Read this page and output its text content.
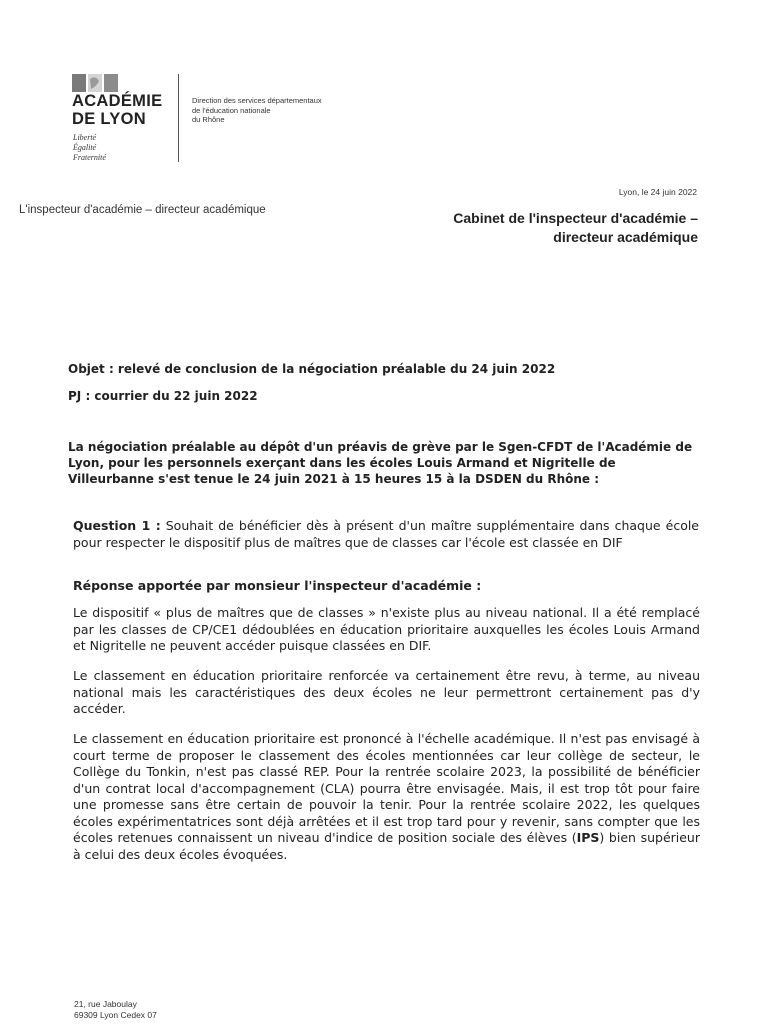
ACADÉMIE
DE LYON

Liberté
Égalité
Fraternité

Direction des services départementaux
de l'éducation nationale
du Rhône

Lyon, le 24 juin 2022
L'inspecteur d'académie – directeur académique	Cabinet de l'inspecteur d'académie –
directeur académique

Objet : relevé de conclusion de la négociation préalable du 24 juin 2022
PJ : courrier du 22 juin 2022

La négociation préalable au dépôt d'un préavis de grève par le Sgen-CFDT de l'Académie de Lyon, pour les personnels exerçant dans les écoles Louis Armand et Nigritelle de Villeurbanne s'est tenue le 24 juin 2021 à 15 heures 15 à la DSDEN du Rhône :

Question 1 : Souhait de bénéficier dès à présent d'un maître supplémentaire dans chaque école pour respecter le dispositif plus de maîtres que de classes car l'école est classée en DIF

Réponse apportée par monsieur l'inspecteur d'académie :

Le dispositif « plus de maîtres que de classes » n'existe plus au niveau national. Il a été remplacé par les classes de CP/CE1 dédoublées en éducation prioritaire auxquelles les écoles Louis Armand et Nigritelle ne peuvent accéder puisque classées en DIF.

Le classement en éducation prioritaire renforcée va certainement être revu, à terme, au niveau national mais les caractéristiques des deux écoles ne leur permettront certainement pas d'y accéder.

Le classement en éducation prioritaire est prononcé à l'échelle académique. Il n'est pas envisagé à court terme de proposer le classement des écoles mentionnées car leur collège de secteur, le Collège du Tonkin, n'est pas classé REP. Pour la rentrée scolaire 2023, la possibilité de bénéficier d'un contrat local d'accompagnement (CLA) pourra être envisagée. Mais, il est trop tôt pour faire une promesse sans être certain de pouvoir la tenir. Pour la rentrée scolaire 2022, les quelques écoles expérimentatrices sont déjà arrêtées et il est trop tard pour y revenir, sans compter que les écoles retenues connaissent un niveau d'indice de position sociale des élèves (IPS) bien supérieur à celui des deux écoles évoquées.

21, rue Jaboulay
69309 Lyon Cedex 07
